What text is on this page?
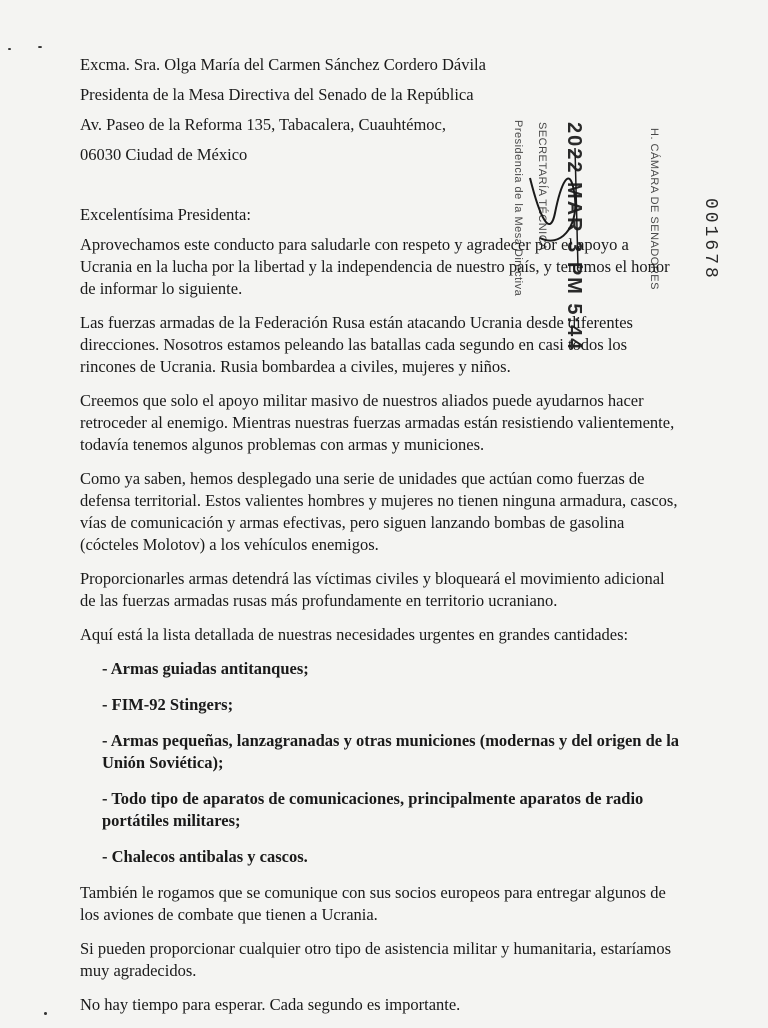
Excma. Sra. Olga María del Carmen Sánchez Cordero Dávila
Presidenta de la Mesa Directiva del Senado de la República
Av. Paseo de la Reforma 135, Tabacalera, Cuauhtémoc,
06030 Ciudad de México	Presidencia de la Mesa Directiva SECRETARÍA TÉCNICA 2022 MAR 3 PM 5:44	H. CÁMARA DE SENADORES 001678
Excelentísima Presidenta:
Aprovechamos este conducto para saludarle con respeto y agradecer por el apoyo a Ucrania en la lucha por la libertad y la independencia de nuestro país, y tenemos el honor de informar lo siguiente.
Las fuerzas armadas de la Federación Rusa están atacando Ucrania desde diferentes direcciones. Nosotros estamos peleando las batallas cada segundo en casi todos los rincones de Ucrania. Rusia bombardea a civiles, mujeres y niños.
Creemos que solo el apoyo militar masivo de nuestros aliados puede ayudarnos hacer retroceder al enemigo. Mientras nuestras fuerzas armadas están resistiendo valientemente, todavía tenemos algunos problemas con armas y municiones.
Como ya saben, hemos desplegado una serie de unidades que actúan como fuerzas de defensa territorial. Estos valientes hombres y mujeres no tienen ninguna armadura, cascos, vías de comunicación y armas efectivas, pero siguen lanzando bombas de gasolina (cócteles Molotov) a los vehículos enemigos.
Proporcionarles armas detendrá las víctimas civiles y bloqueará el movimiento adicional de las fuerzas armadas rusas más profundamente en territorio ucraniano.
Aquí está la lista detallada de nuestras necesidades urgentes en grandes cantidades:
- Armas guiadas antitanques;
- FIM-92 Stingers;
- Armas pequeñas, lanzagranadas y otras municiones (modernas y del origen de la Unión Soviética);
- Todo tipo de aparatos de comunicaciones, principalmente aparatos de radio portátiles militares;
- Chalecos antibalas y cascos.
También le rogamos que se comunique con sus socios europeos para entregar algunos de los aviones de combate que tienen a Ucrania.
Si pueden proporcionar cualquier otro tipo de asistencia militar y humanitaria, estaríamos muy agradecidos.
No hay tiempo para esperar. Cada segundo es importante.
